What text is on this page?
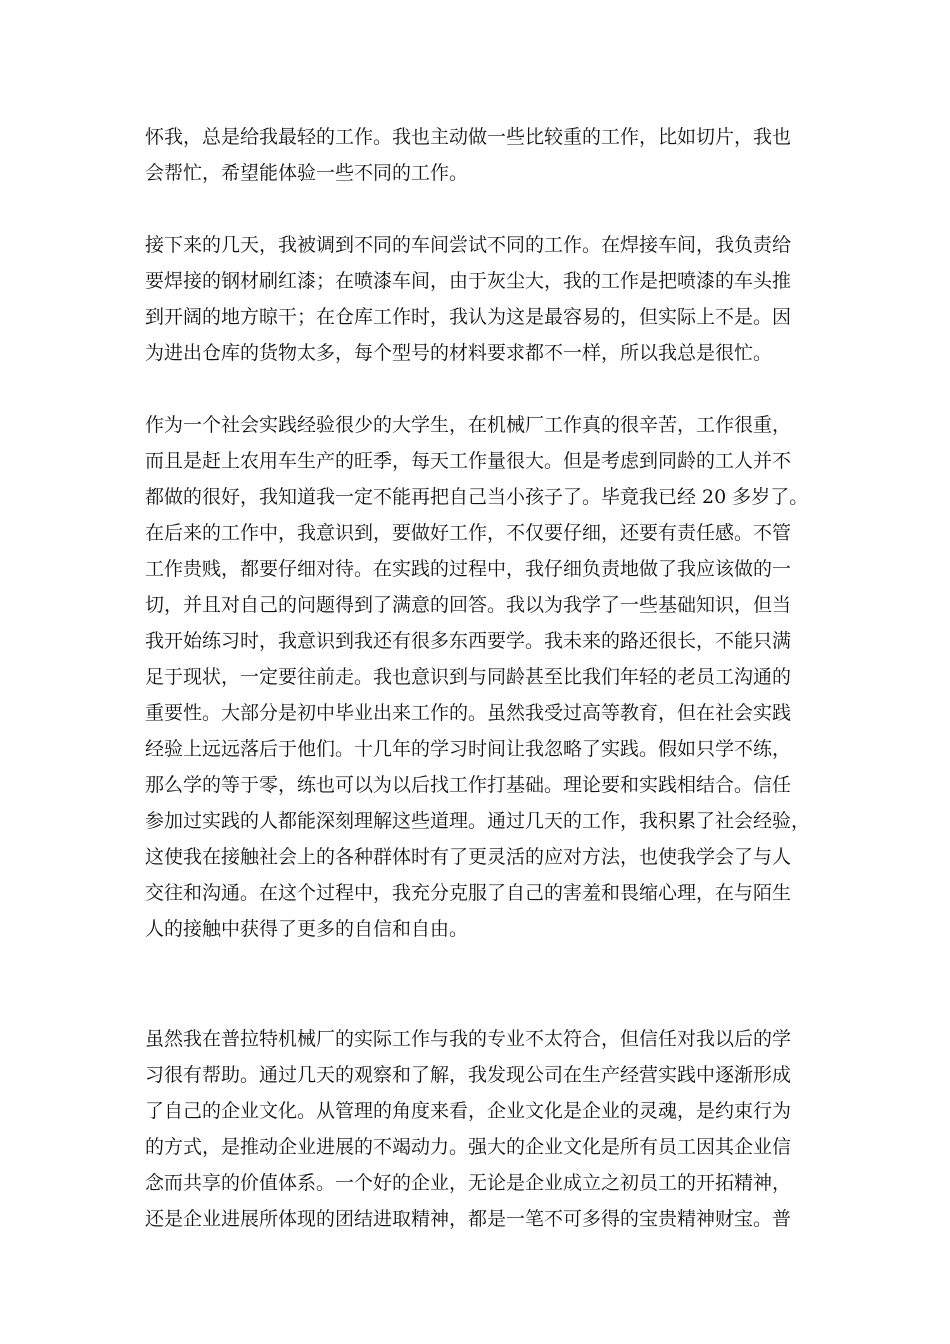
怀我，总是给我最轻的工作。我也主动做一些比较重的工作，比如切片，我也
会帮忙，希望能体验一些不同的工作。
接下来的几天，我被调到不同的车间尝试不同的工作。在焊接车间，我负责给
要焊接的钢材刷红漆；在喷漆车间，由于灰尘大，我的工作是把喷漆的车头推
到开阔的地方晾干；在仓库工作时，我认为这是最容易的，但实际上不是。因
为进出仓库的货物太多，每个型号的材料要求都不一样，所以我总是很忙。
作为一个社会实践经验很少的大学生，在机械厂工作真的很辛苦，工作很重，
而且是赶上农用车生产的旺季，每天工作量很大。但是考虑到同龄的工人并不
都做的很好，我知道我一定不能再把自己当小孩子了。毕竟我已经 20 多岁了。
在后来的工作中，我意识到，要做好工作，不仅要仔细，还要有责任感。不管
工作贵贱，都要仔细对待。在实践的过程中，我仔细负责地做了我应该做的一
切，并且对自己的问题得到了满意的回答。我以为我学了一些基础知识，但当
我开始练习时，我意识到我还有很多东西要学。我未来的路还很长，不能只满
足于现状，一定要往前走。我也意识到与同龄甚至比我们年轻的老员工沟通的
重要性。大部分是初中毕业出来工作的。虽然我受过高等教育，但在社会实践
经验上远远落后于他们。十几年的学习时间让我忽略了实践。假如只学不练，
那么学的等于零，练也可以为以后找工作打基础。理论要和实践相结合。信任
参加过实践的人都能深刻理解这些道理。通过几天的工作，我积累了社会经验，
这使我在接触社会上的各种群体时有了更灵活的应对方法，也使我学会了与人
交往和沟通。在这个过程中，我充分克服了自己的害羞和畏缩心理，在与陌生
人的接触中获得了更多的自信和自由。
虽然我在普拉特机械厂的实际工作与我的专业不太符合，但信任对我以后的学
习很有帮助。通过几天的观察和了解，我发现公司在生产经营实践中逐渐形成
了自己的企业文化。从管理的角度来看，企业文化是企业的灵魂，是约束行为
的方式，是推动企业进展的不竭动力。强大的企业文化是所有员工因其企业信
念而共享的价值体系。一个好的企业，无论是企业成立之初员工的开拓精神，
还是企业进展所体现的团结进取精神，都是一笔不可多得的宝贵精神财宝。普
